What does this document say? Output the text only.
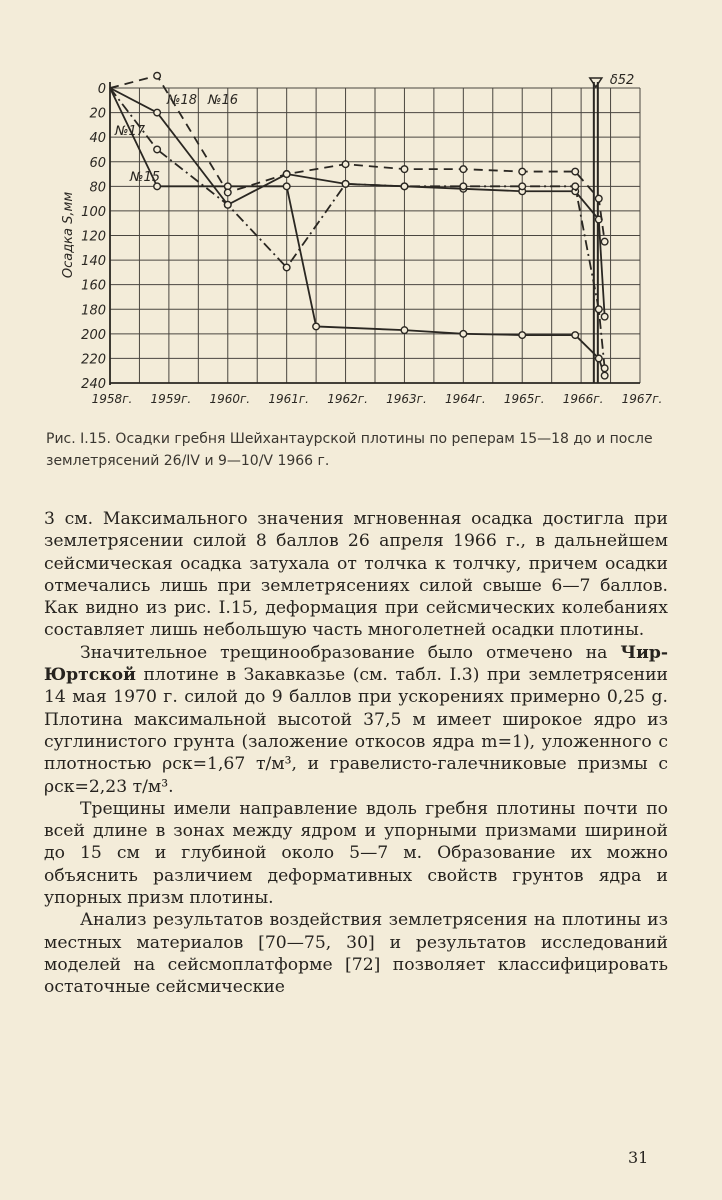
0
20
40
60
80
100
120
140
160
180
200
220
240
1958г. 1959г. 1960г. 1961г. 1962г. 1963г. 1964г. 1965г. 1966г. 1967г.
Осадка S,мм
δ52
№15
№17
№18 №16
Рис. I.15. Осадки гребня Шейхантаурской плотины по реперам 15—18 до и после землетрясений 26/IV и 9—10/V 1966 г.

3 см. Максимального значения мгновенная осадка достигла при землетрясении силой 8 баллов 26 апреля 1966 г., в дальнейшем сейсмическая осадка затухала от толчка к толчку, причем осадки отмечались лишь при землетрясениях силой свыше 6—7 баллов. Как видно из рис. I.15, деформация при сейсмических колебаниях составляет лишь небольшую часть многолетней осадки плотины.

Значительное трещинообразование было отмечено на Чир-Юртской плотине в Закавказье (см. табл. I.3) при землетрясении 14 мая 1970 г. силой до 9 баллов при ускорениях примерно 0,25 g. Плотина максимальной высотой 37,5 м имеет широкое ядро из суглинистого грунта (заложение откосов ядра m=1), уложенного с плотностью ρск=1,67 т/м³, и гравелисто-галечниковые призмы с ρск=2,23 т/м³.

Трещины имели направление вдоль гребня плотины почти по всей длине в зонах между ядром и упорными призмами шириной до 15 см и глубиной около 5—7 м. Образование их можно объяснить различием деформативных свойств грунтов ядра и упорных призм плотины.

Анализ результатов воздействия землетрясения на плотины из местных материалов [70—75, 30] и результатов исследований моделей на сейсмоплатформе [72] позволяет классифицировать остаточные сейсмические

31
